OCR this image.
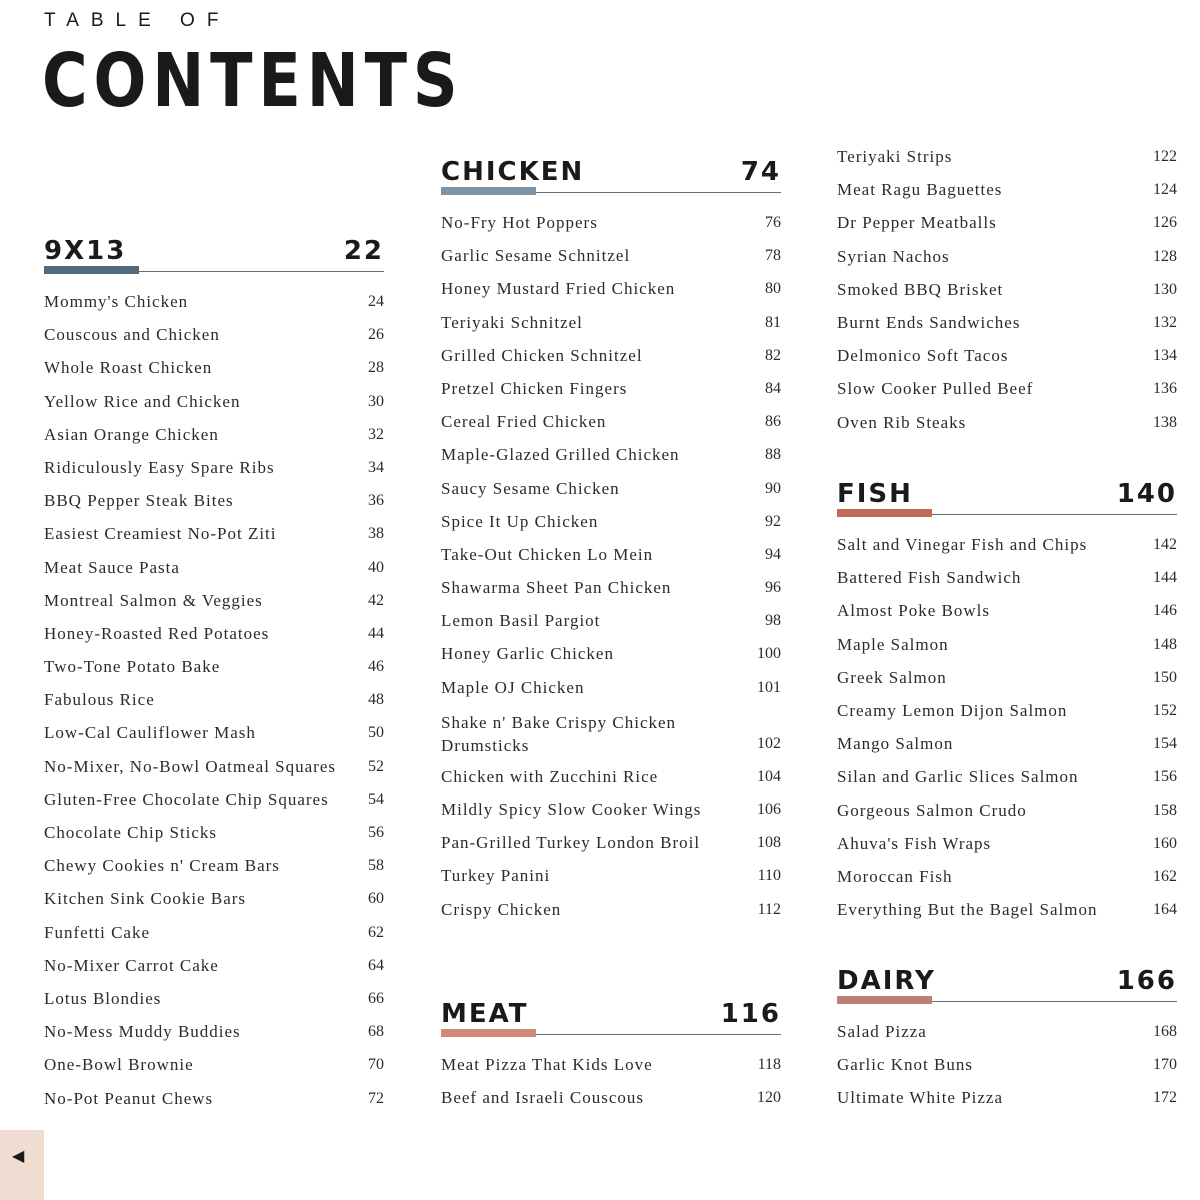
TABLE OF
CONTENTS
9X13	22
Mommy's Chicken	24
Couscous and Chicken	26
Whole Roast Chicken	28
Yellow Rice and Chicken	30
Asian Orange Chicken	32
Ridiculously Easy Spare Ribs	34
BBQ Pepper Steak Bites	36
Easiest Creamiest No-Pot Ziti	38
Meat Sauce Pasta	40
Montreal Salmon & Veggies	42
Honey-Roasted Red Potatoes	44
Two-Tone Potato Bake	46
Fabulous Rice	48
Low-Cal Cauliflower Mash	50
No-Mixer, No-Bowl Oatmeal Squares 52
Gluten-Free Chocolate Chip Squares 54
Chocolate Chip Sticks	56
Chewy Cookies n' Cream Bars	58
Kitchen Sink Cookie Bars	60
Funfetti Cake	62
No-Mixer Carrot Cake	64
Lotus Blondies	66
No-Mess Muddy Buddies	68
One-Bowl Brownie	70
No-Pot Peanut Chews	72
CHICKEN	74
No-Fry Hot Poppers	76
Garlic Sesame Schnitzel	78
Honey Mustard Fried Chicken	80
Teriyaki Schnitzel	81
Grilled Chicken Schnitzel	82
Pretzel Chicken Fingers	84
Cereal Fried Chicken	86
Maple-Glazed Grilled Chicken	88
Saucy Sesame Chicken	90
Spice It Up Chicken	92
Take-Out Chicken Lo Mein	94
Shawarma Sheet Pan Chicken	96
Lemon Basil Pargiot	98
Honey Garlic Chicken	100
Maple OJ Chicken	101
Shake n' Bake Crispy Chicken Drumsticks	102
Chicken with Zucchini Rice	104
Mildly Spicy Slow Cooker Wings	106
Pan-Grilled Turkey London Broil	108
Turkey Panini	110
Crispy Chicken	112
MEAT	116
Meat Pizza That Kids Love	118
Beef and Israeli Couscous	120
Teriyaki Strips	122
Meat Ragu Baguettes	124
Dr Pepper Meatballs	126
Syrian Nachos	128
Smoked BBQ Brisket	130
Burnt Ends Sandwiches	132
Delmonico Soft Tacos	134
Slow Cooker Pulled Beef	136
Oven Rib Steaks	138
FISH	140
Salt and Vinegar Fish and Chips	142
Battered Fish Sandwich	144
Almost Poke Bowls	146
Maple Salmon	148
Greek Salmon	150
Creamy Lemon Dijon Salmon	152
Mango Salmon	154
Silan and Garlic Slices Salmon	156
Gorgeous Salmon Crudo	158
Ahuva's Fish Wraps	160
Moroccan Fish	162
Everything But the Bagel Salmon	164
DAIRY	166
Salad Pizza	168
Garlic Knot Buns	170
Ultimate White Pizza	172
◀
